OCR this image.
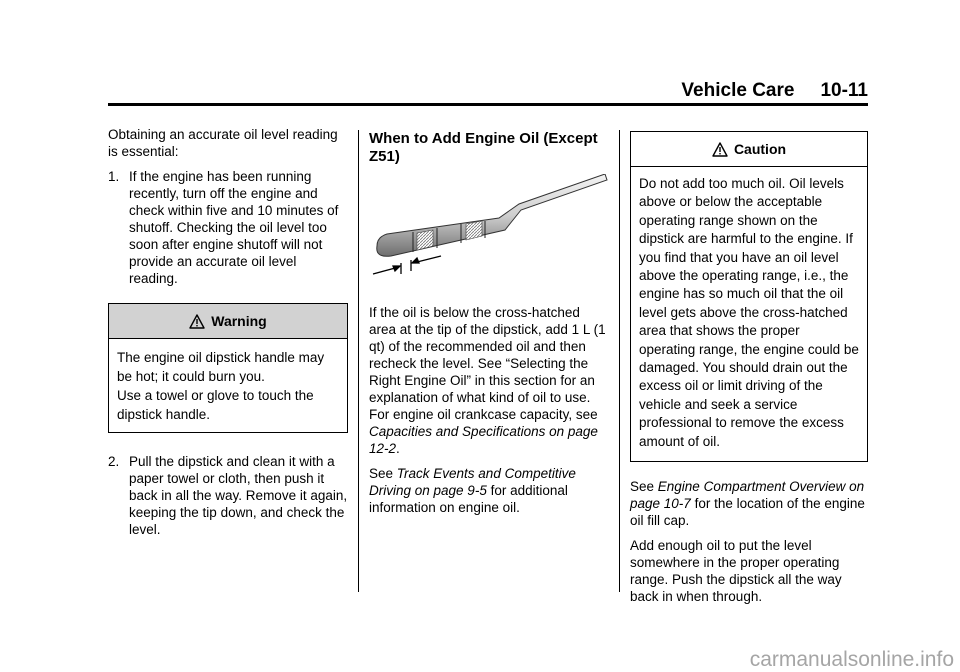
Vehicle Care 10-11

Obtaining an accurate oil level reading is essential:

1. If the engine has been running recently, turn off the engine and check within five and 10 minutes of shutoff. Checking the oil level too soon after engine shutoff will not provide an accurate oil level reading.
Warning

The engine oil dipstick handle may be hot; it could burn you.

Use a towel or glove to touch the dipstick handle.

2. Pull the dipstick and clean it with a paper towel or cloth, then push it back in all the way. Remove it again, keeping the tip down, and check the level.
When to Add Engine Oil (Except Z51)

If the oil is below the cross-hatched area at the tip of the dipstick, add 1 L (1 qt) of the recommended oil and then recheck the level. See “Selecting the Right Engine Oil” in this section for an explanation of what kind of oil to use. For engine oil crankcase capacity, see Capacities and Specifications on page 12-2.

See Track Events and Competitive Driving on page 9-5 for additional information on engine oil.

Caution

Do not add too much oil. Oil levels above or below the acceptable operating range shown on the dipstick are harmful to the engine. If you find that you have an oil level above the operating range, i.e., the engine has so much oil that the oil level gets above the cross-hatched area that shows the proper operating range, the engine could be damaged. You should drain out the excess oil or limit driving of the vehicle and seek a service professional to remove the excess amount of oil.

See Engine Compartment Overview on page 10-7 for the location of the engine oil fill cap.

Add enough oil to put the level somewhere in the proper operating range. Push the dipstick all the way back in when through.

carmanualsonline.info
